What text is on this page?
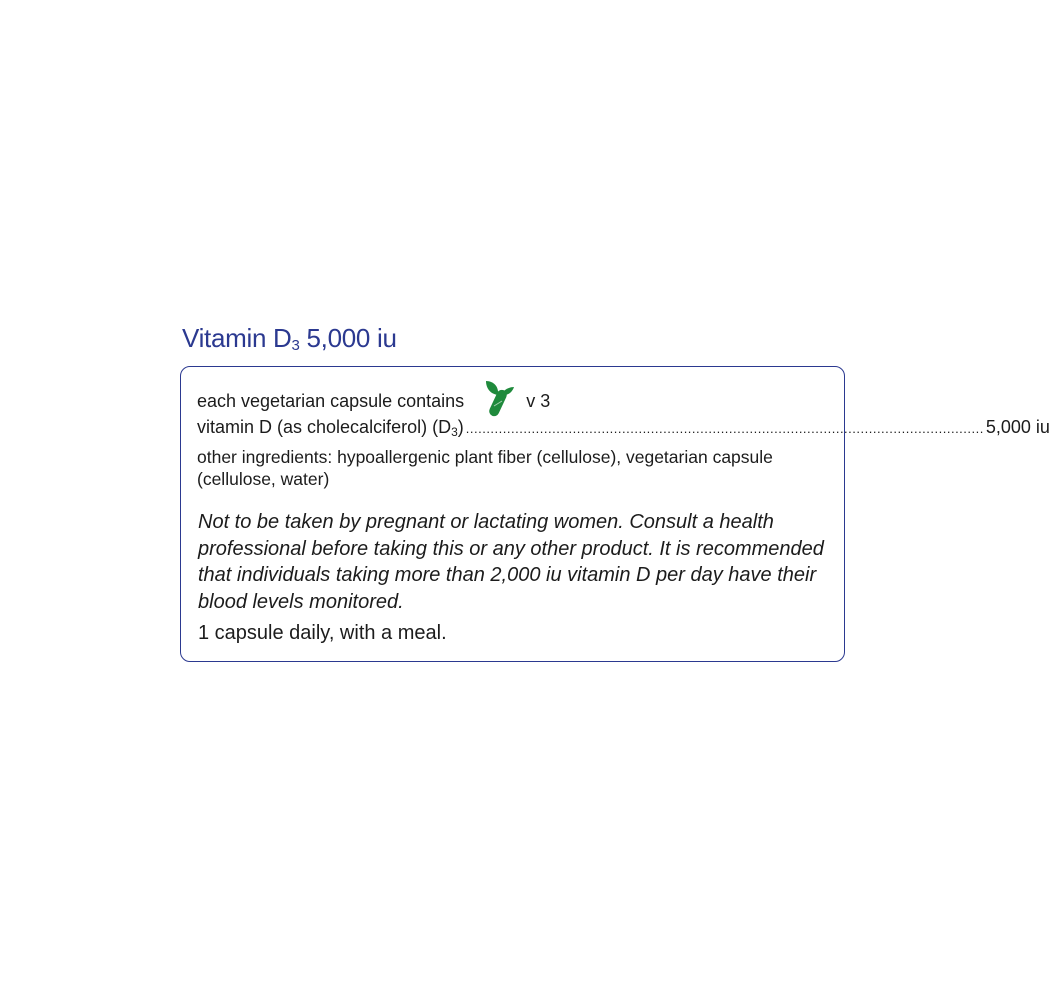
Vitamin $D_3$ 5,000 iu
each vegetarian capsule contains	v 3
vitamin D (as cholecalciferol) $(D_3)$ .............................................................................................................................. 5,000 iu
other ingredients: hypoallergenic plant fiber (cellulose), vegetarian capsule (cellulose, water)
Not to be taken by pregnant or lactating women. Consult a health professional before taking this or any other product. It is recommended that individuals taking more than 2,000 iu vitamin D per day have their blood levels monitored.
1 capsule daily, with a meal.
